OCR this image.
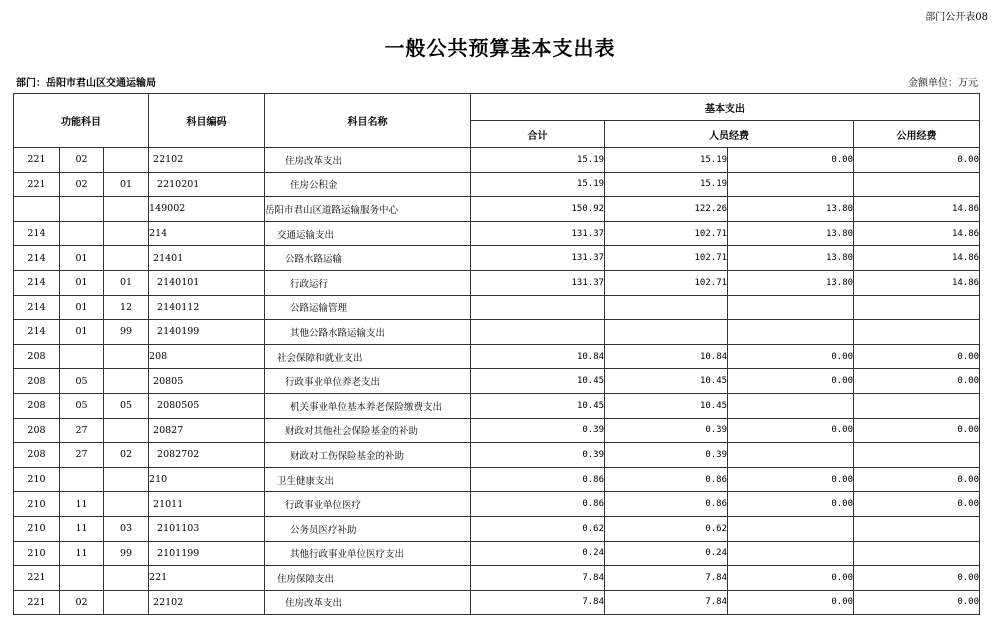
部门公开表08
一般公共预算基本支出表
部门：岳阳市君山区交通运输局	金额单位：万元
功能科目			科目编码	科目名称	基本支出			
					合计	人员经费		公用经费
221	02		22102	住房改革支出	15.19	15.19	0.00	0.00
221	02	01	2210201	住房公积金	15.19	15.19		
			149002	岳阳市君山区道路运输服务中心	150.92	122.26	13.80	14.86
214			214	交通运输支出	131.37	102.71	13.80	14.86
214	01		21401	公路水路运输	131.37	102.71	13.80	14.86
214	01	01	2140101	行政运行	131.37	102.71	13.80	14.86
214	01	12	2140112	公路运输管理				
214	01	99	2140199	其他公路水路运输支出				
208			208	社会保障和就业支出	10.84	10.84	0.00	0.00
208	05		20805	行政事业单位养老支出	10.45	10.45	0.00	0.00
208	05	05	2080505	机关事业单位基本养老保险缴费支出	10.45	10.45		
208	27		20827	财政对其他社会保险基金的补助	0.39	0.39	0.00	0.00
208	27	02	2082702	财政对工伤保险基金的补助	0.39	0.39		
210			210	卫生健康支出	0.86	0.86	0.00	0.00
210	11		21011	行政事业单位医疗	0.86	0.86	0.00	0.00
210	11	03	2101103	公务员医疗补助	0.62	0.62		
210	11	99	2101199	其他行政事业单位医疗支出	0.24	0.24		
221			221	住房保障支出	7.84	7.84	0.00	0.00
221	02		22102	住房改革支出	7.84	7.84	0.00	0.00
